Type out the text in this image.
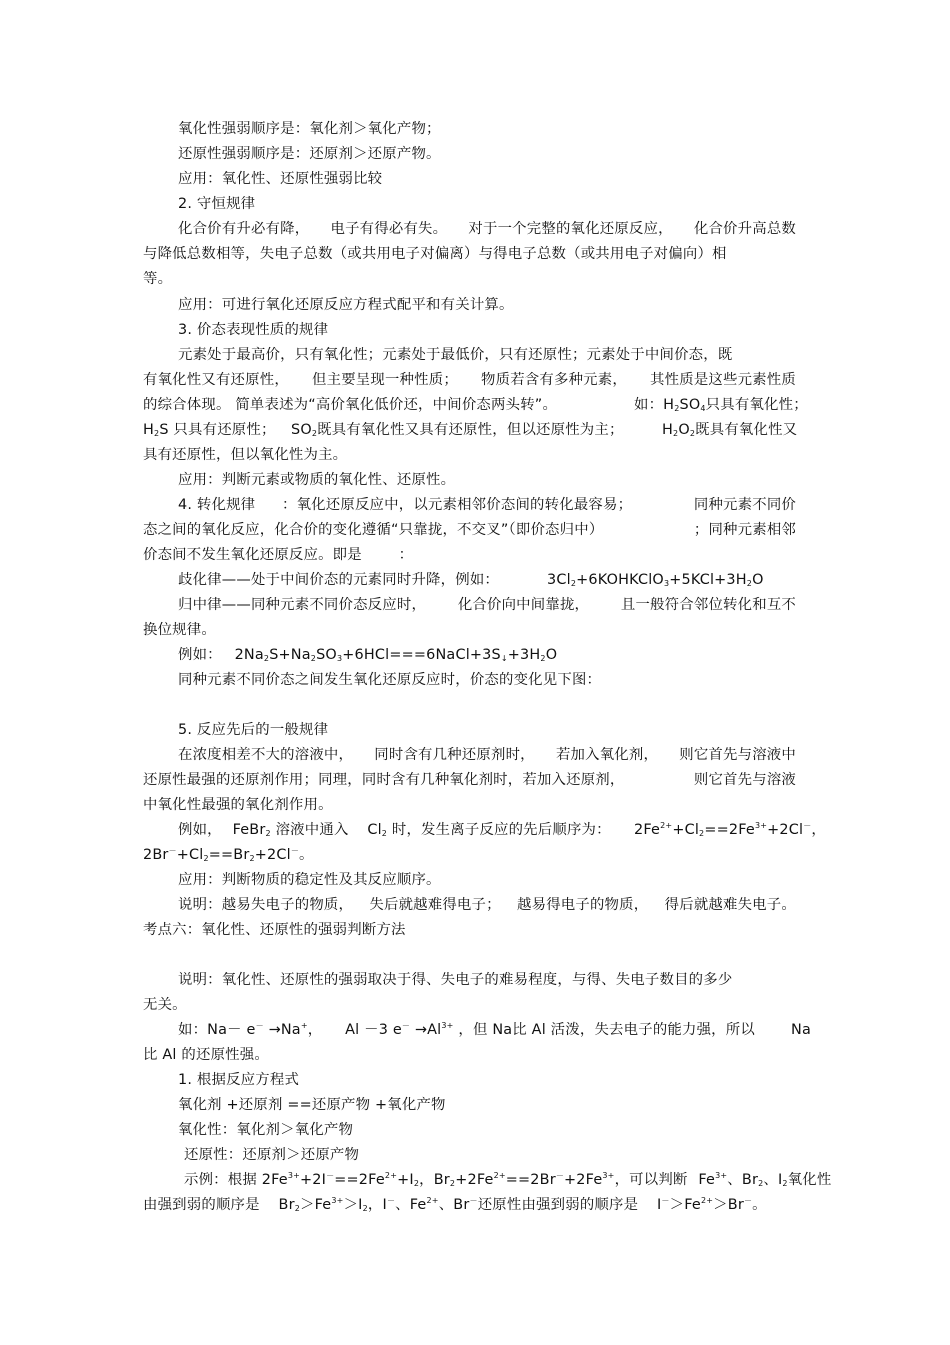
氧化性强弱顺序是：氧化剂＞氧化产物；
还原性强弱顺序是：还原剂＞还原产物。
应用：氧化性、还原性强弱比较
2. 守恒规律
化合价有升必有降， 电子有得必有失。 对于一个完整的氧化还原反应， 化合价升高总数
与降低总数相等，失电子总数（或共用电子对偏离）与得电子总数（或共用电子对偏向）相
等。
应用：可进行氧化还原反应方程式配平和有关计算。
3. 价态表现性质的规律
元素处于最高价，只有氧化性；元素处于最低价，只有还原性；元素处于中间价态，既
有氧化性又有还原性， 但主要呈现一种性质； 物质若含有多种元素， 其性质是这些元素性质
的综合体现。 简单表述为“高价氧化低价还，中间价态两头转”。	如：$H_2SO_4$只具有氧化性；
$H_2S$ 只具有还原性； $SO_2$既具有氧化性又具有还原性，但以还原性为主；	$H_2O_2$既具有氧化性又
具有还原性，但以氧化性为主。
应用：判断元素或物质的氧化性、还原性。
4. 转化规律 ：氧化还原反应中，以元素相邻价态间的转化最容易；	同种元素不同价
态之间的氧化反应，化合价的变化遵循“只靠拢，不交叉”（即价态归中）	；同种元素相邻
价态间不发生氧化还原反应。即是	：
歧化律——处于中间价态的元素同时升降，例如：	$3Cl_2+6KOHKClO_3+5KCl+3H_2O$
归中律——同种元素不同价态反应时， 化合价向中间靠拢， 且一般符合邻位转化和互不
换位规律。
例如： $2Na_2S+Na_2SO_3+6HCl===6NaCl+3S_↓+3H_2O$
同种元素不同价态之间发生氧化还原反应时，价态的变化见下图：
5. 反应先后的一般规律
在浓度相差不大的溶液中， 同时含有几种还原剂时， 若加入氧化剂， 则它首先与溶液中
还原性最强的还原剂作用；同理，同时含有几种氧化剂时，若加入还原剂，	则它首先与溶液
中氧化性最强的氧化剂作用。
例如， FeBr$_2$ 溶液中通入 $Cl_2$ 时，发生离子反应的先后顺序为： $2Fe^{2+}+Cl_2==2Fe^{3+}+2Cl^-$，
$2Br^-+Cl_2==Br_2+2Cl^-$。
应用：判断物质的稳定性及其反应顺序。
说明：越易失电子的物质， 失后就越难得电子； 越易得电子的物质， 得后就越难失电子。
考点六：氧化性、还原性的强弱判断方法
说明：氧化性、还原性的强弱取决于得、失电子的难易程度，与得、失电子数目的多少
无关。
如：Na－ e－ →Na+， Al －3 $e^- \to Al^{3+}$ ，但 Na比 Al 活泼，失去电子的能力强，所以	Na
比 Al 的还原性强。
1. 根据反应方程式
氧化剂 +还原剂 ==还原产物 +氧化产物
氧化性：氧化剂＞氧化产物
还原性：还原剂＞还原产物
示例：根据 $2Fe^{3+}+2I^-==2Fe^{2+}+I_2$，$Br_2+2Fe^{2+}==2Br^-+2Fe^{3+}$，可以判断 $Fe^{3+}$、$Br_2$、$I_2$氧化性
由强到弱的顺序是 $Br_2>Fe^{3+}>I_2$，I－、$Fe^{2+}$、Br－还原性由强到弱的顺序是 $I^->Fe^{2+}>Br^-$。
